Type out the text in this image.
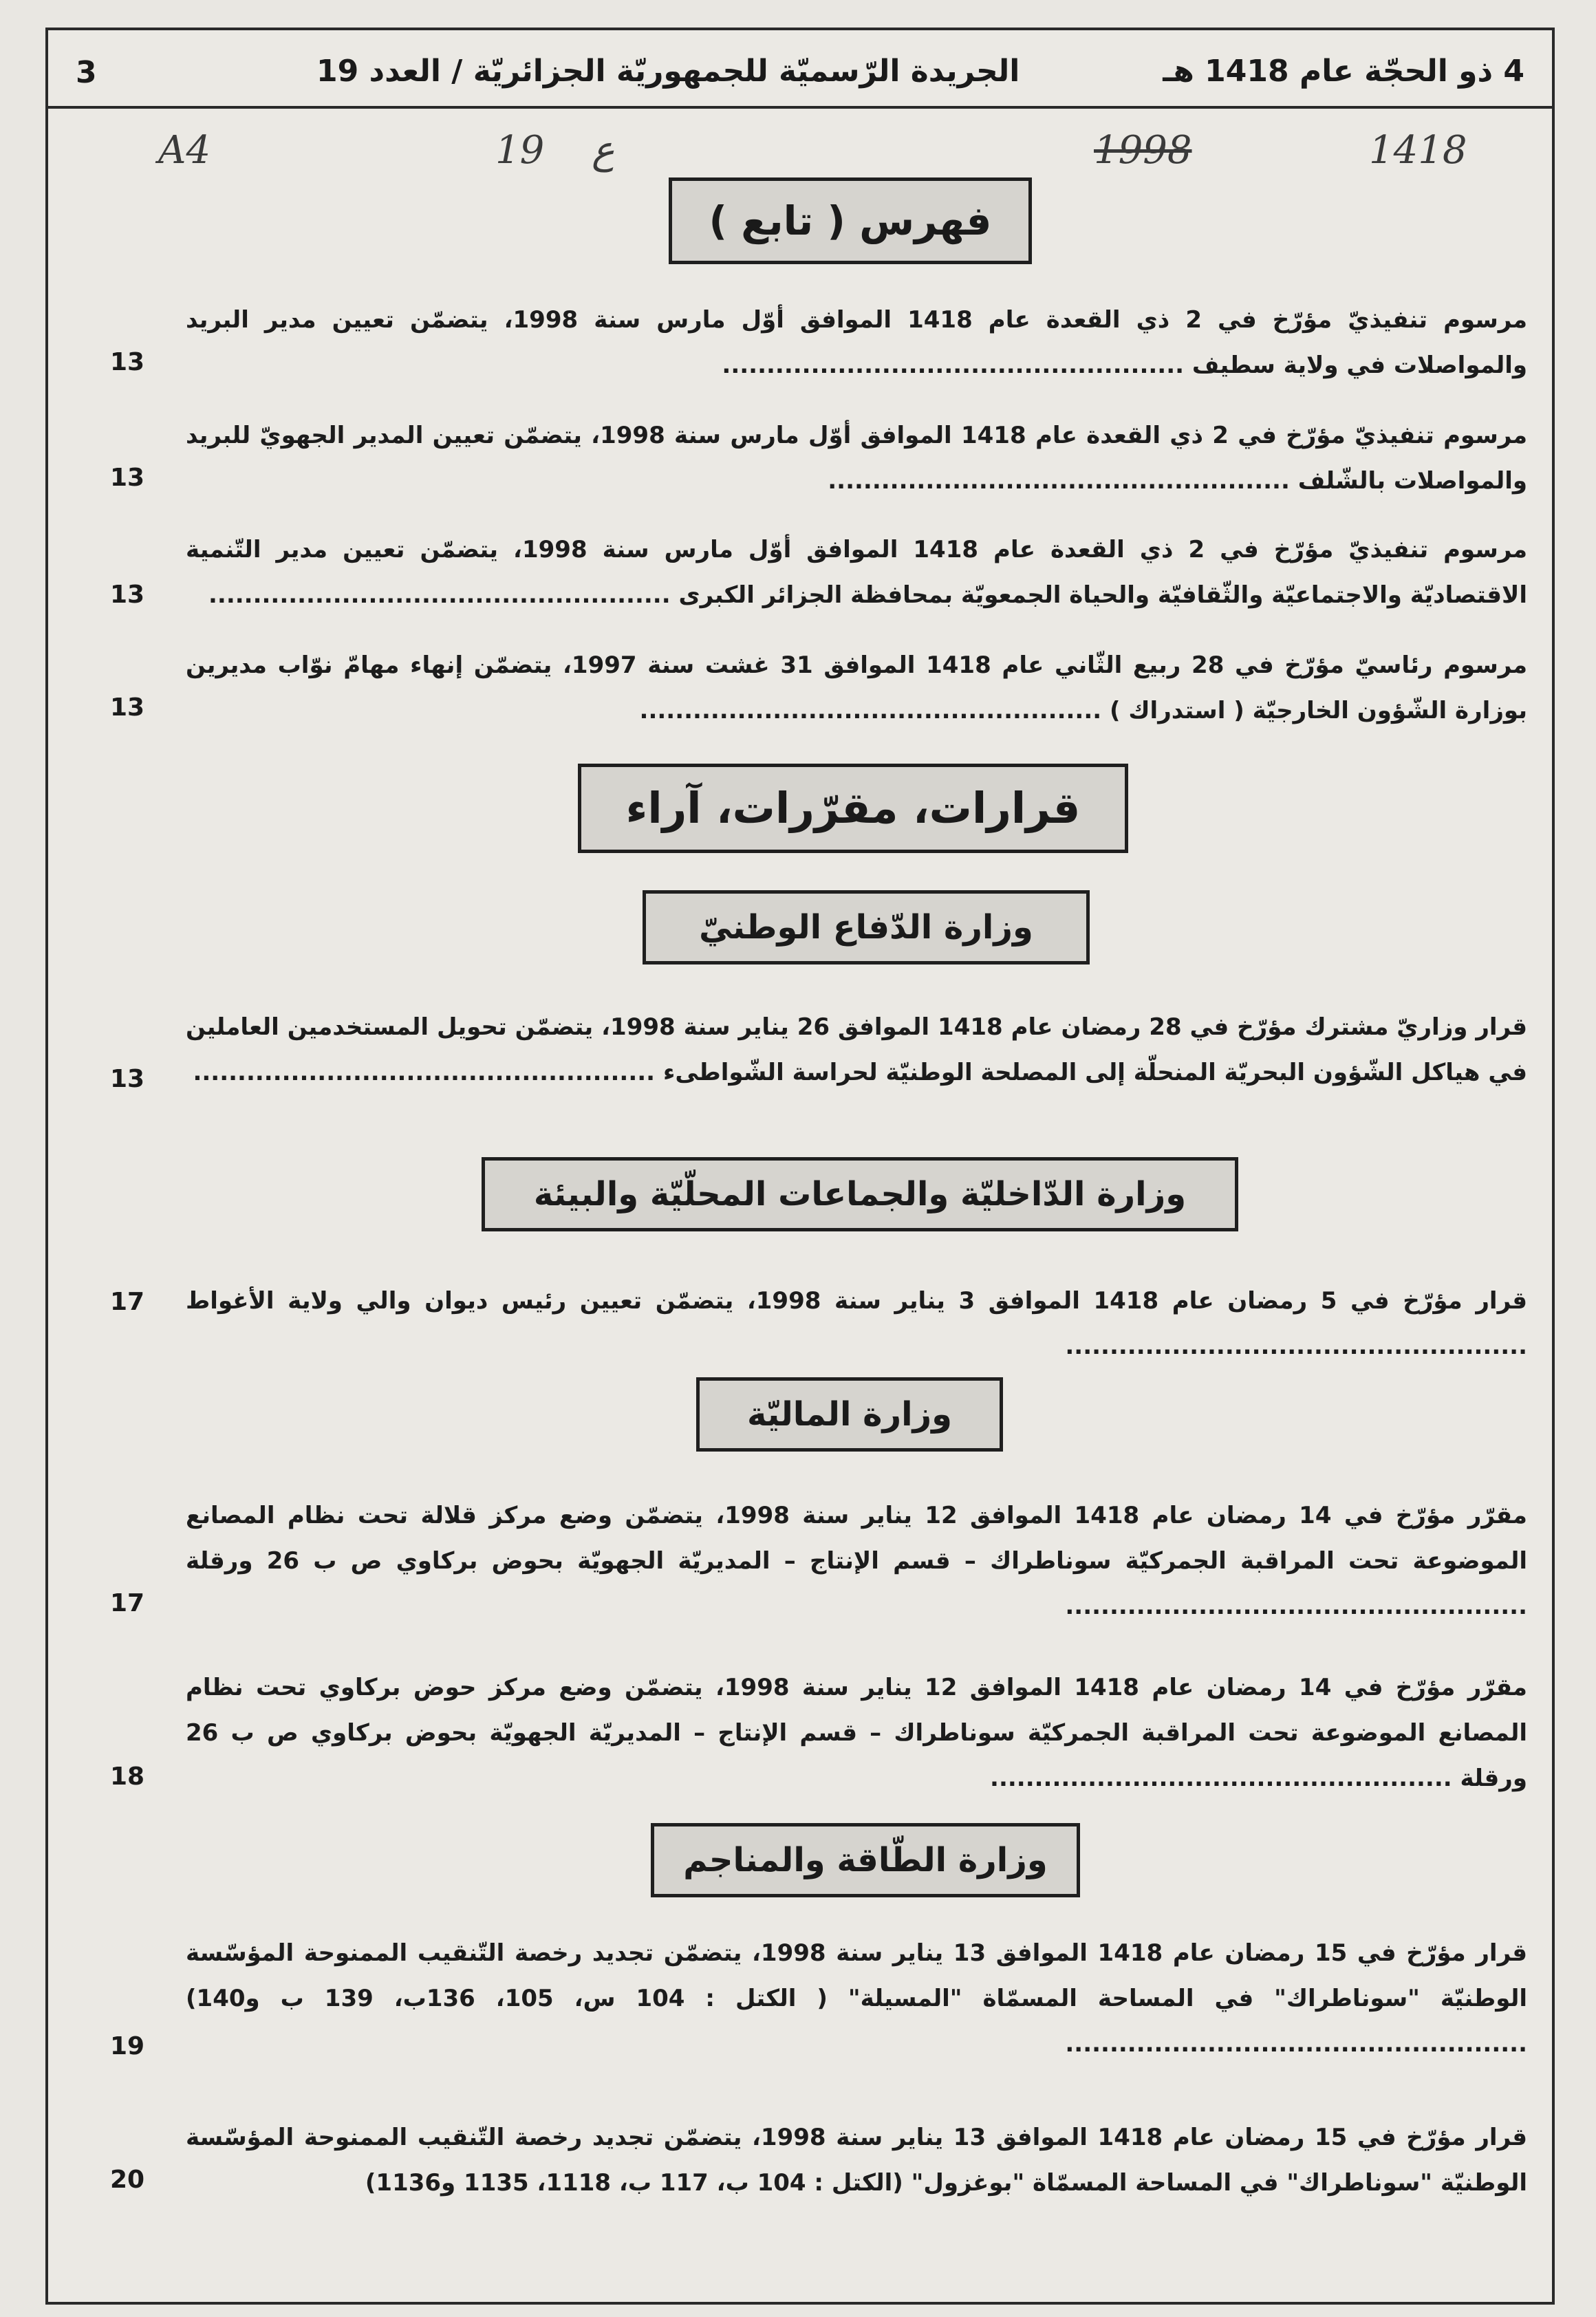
3	الجريدة الرّسميّة للجمهوريّة الجزائريّة / العدد 19	4 ذو الحجّة عام 1418 هـ
A4	19 ع	1998	1418
فهرس ( تابع )
مرسوم تنفيذيّ مؤرّخ في 2 ذي القعدة عام 1418 الموافق أوّل مارس سنة 1998، يتضمّن تعيين مدير البريد والمواصلات في ولاية سطيف ....................................................
13
مرسوم تنفيذيّ مؤرّخ في 2 ذي القعدة عام 1418 الموافق أوّل مارس سنة 1998، يتضمّن تعيين المدير الجهويّ للبريد والمواصلات بالشّلف ....................................................
13
مرسوم تنفيذيّ مؤرّخ في 2 ذي القعدة عام 1418 الموافق أوّل مارس سنة 1998، يتضمّن تعيين مدير التّنمية الاقتصاديّة والاجتماعيّة والثّقافيّة والحياة الجمعويّة بمحافظة الجزائر الكبرى ....................................................
13
مرسوم رئاسيّ مؤرّخ في 28 ربيع الثّاني عام 1418 الموافق 31 غشت سنة 1997، يتضمّن إنهاء مهامّ نوّاب مديرين بوزارة الشّؤون الخارجيّة ( استدراك ) ....................................................
13
قرارات، مقرّرات، آراء
وزارة الدّفاع الوطنيّ
قرار وزاريّ مشترك مؤرّخ في 28 رمضان عام 1418 الموافق 26 يناير سنة 1998، يتضمّن تحويل المستخدمين العاملين في هياكل الشّؤون البحريّة المنحلّة إلى المصلحة الوطنيّة لحراسة الشّواطىء ....................................................
13
وزارة الدّاخليّة والجماعات المحلّيّة والبيئة
قرار مؤرّخ في 5 رمضان عام 1418 الموافق 3 يناير سنة 1998، يتضمّن تعيين رئيس ديوان والي ولاية الأغواط ....................................................
17
وزارة الماليّة
مقرّر مؤرّخ في 14 رمضان عام 1418 الموافق 12 يناير سنة 1998، يتضمّن وضع مركز قلالة تحت نظام المصانع الموضوعة تحت المراقبة الجمركيّة سوناطراك – قسم الإنتاج – المديريّة الجهويّة بحوض بركاوي ص ب 26 ورقلة ....................................................
17
مقرّر مؤرّخ في 14 رمضان عام 1418 الموافق 12 يناير سنة 1998، يتضمّن وضع مركز حوض بركاوي تحت نظام المصانع الموضوعة تحت المراقبة الجمركيّة سوناطراك – قسم الإنتاج – المديريّة الجهويّة بحوض بركاوي ص ب 26 ورقلة ....................................................
18
وزارة الطّاقة والمناجم
قرار مؤرّخ في 15 رمضان عام 1418 الموافق 13 يناير سنة 1998، يتضمّن تجديد رخصة التّنقيب الممنوحة المؤسّسة الوطنيّة "سوناطراك" في المساحة المسمّاة "المسيلة" ( الكتل : 104 س، 105، 136ب، 139 ب و140) ....................................................
19
قرار مؤرّخ في 15 رمضان عام 1418 الموافق 13 يناير سنة 1998، يتضمّن تجديد رخصة التّنقيب الممنوحة المؤسّسة الوطنيّة "سوناطراك" في المساحة المسمّاة "بوغزول" (الكتل : 104 ب، 117 ب، 1118، 1135 و1136)
20
